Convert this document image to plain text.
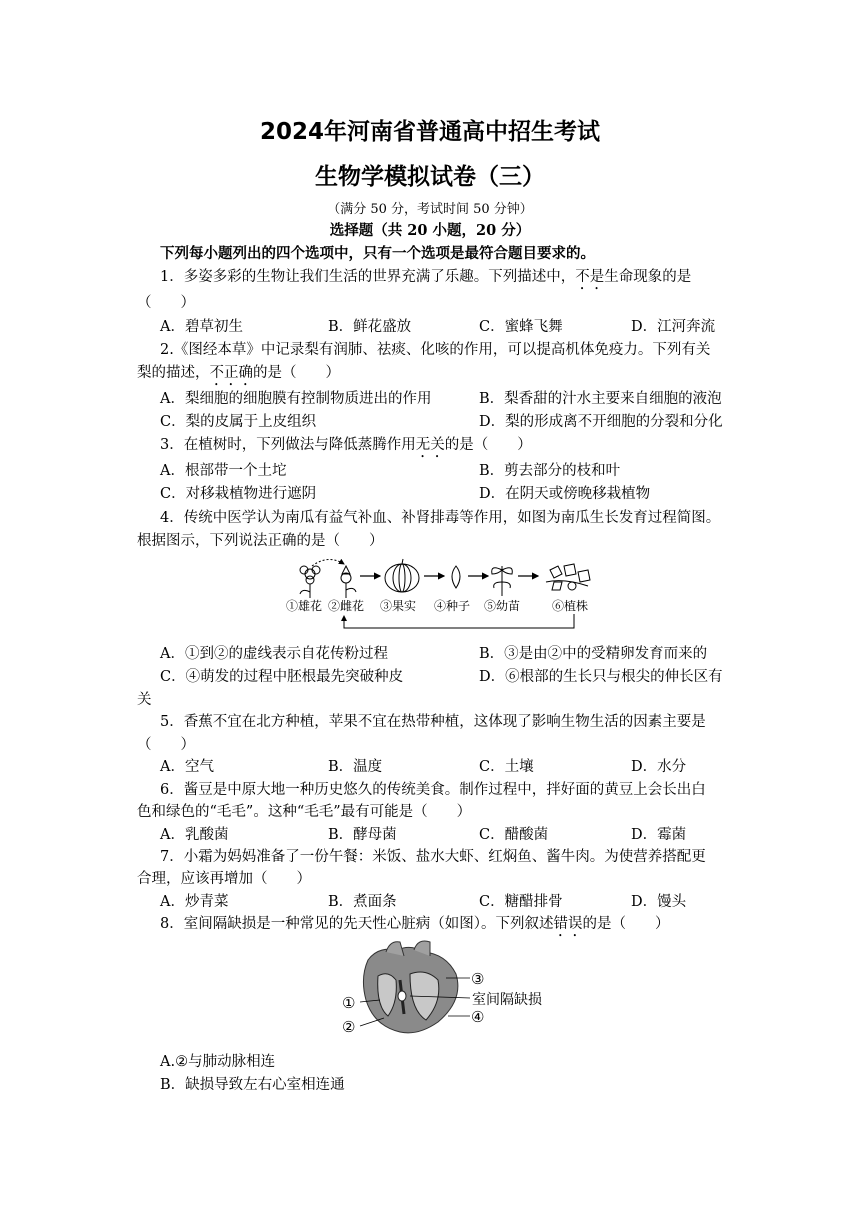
2024年河南省普通高中招生考试
生物学模拟试卷（三）
（满分 50 分，考试时间 50 分钟）
选择题（共 20 小题，20 分）
下列每小题列出的四个选项中，只有一个选项是最符合题目要求的。
1．多姿多彩的生物让我们生活的世界充满了乐趣。下列描述中，不是生命现象的是
（　　）
A．碧草初生	B．鲜花盛放	C．蜜蜂飞舞	D．江河奔流
2.《图经本草》中记录梨有润肺、祛痰、化咳的作用，可以提高机体免疫力。下列有关
梨的描述，不正确的是（　　）
A．梨细胞的细胞膜有控制物质进出的作用	B．梨香甜的汁水主要来自细胞的液泡
C．梨的皮属于上皮组织	D．梨的形成离不开细胞的分裂和分化
3．在植树时，下列做法与降低蒸腾作用无关的是（　　）
A．根部带一个土坨	B．剪去部分的枝和叶
C．对移栽植物进行遮阴	D．在阴天或傍晚移栽植物
4．传统中医学认为南瓜有益气补血、补肾排毒等作用，如图为南瓜生长发育过程简图。
根据图示，下列说法正确的是（　　）
①雄花 ②雌花 ③果实 ④种子 ⑤幼苗	⑥植株
A．①到②的虚线表示自花传粉过程	B．③是由②中的受精卵发育而来的
C．④萌发的过程中胚根最先突破种皮	D．⑥根部的生长只与根尖的伸长区有
关
5．香蕉不宜在北方种植，苹果不宜在热带种植，这体现了影响生物生活的因素主要是
（　　）
A．空气	B．温度	C．土壤	D．水分
6．酱豆是中原大地一种历史悠久的传统美食。制作过程中，拌好面的黄豆上会长出白
色和绿色的“毛毛”。这种“毛毛”最有可能是（　　）
A．乳酸菌	B．酵母菌	C．醋酸菌	D．霉菌
7．小霜为妈妈准备了一份午餐：米饭、盐水大虾、红焖鱼、酱牛肉。为使营养搭配更
合理，应该再增加（　　）
A．炒青菜	B．煮面条	C．糖醋排骨	D．馒头
8．室间隔缺损是一种常见的先天性心脏病（如图）。下列叙述错误的是（　　）
①
②
③
室间隔缺损
④
A.②与肺动脉相连
B．缺损导致左右心室相连通
